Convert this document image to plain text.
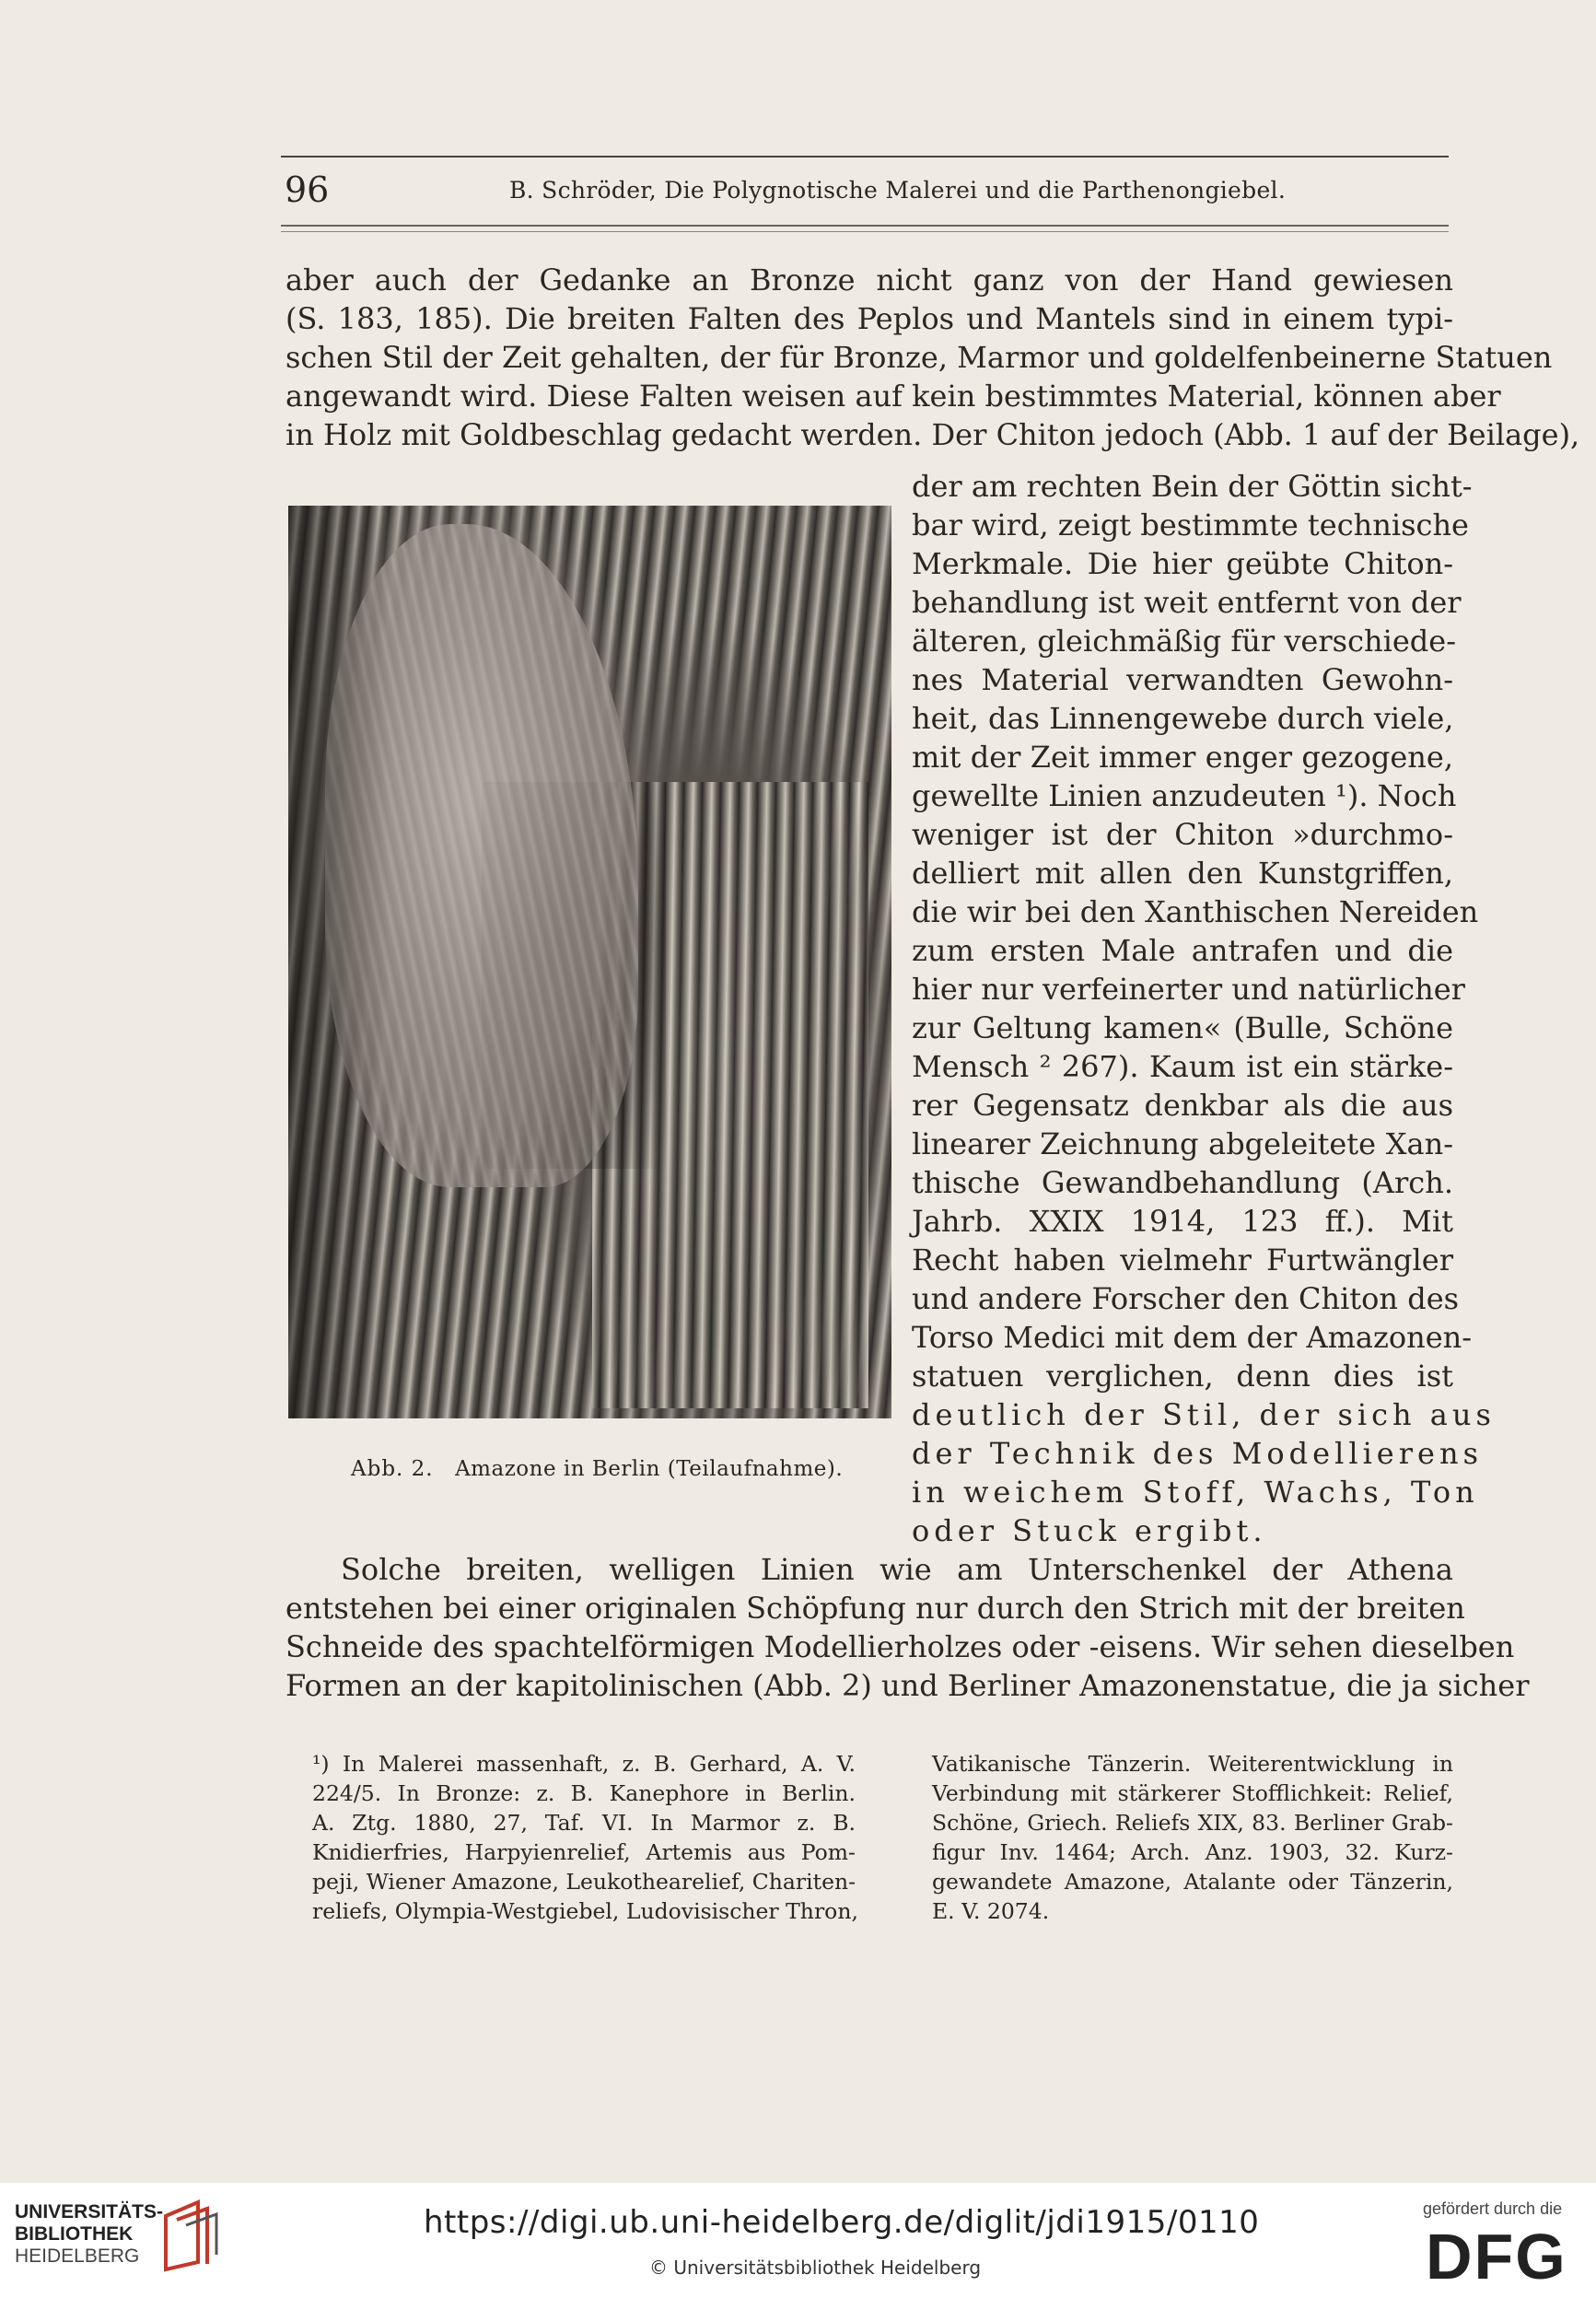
96	B. Schröder, Die Polygnotische Malerei und die Parthenongiebel.
aber auch der Gedanke an Bronze nicht ganz von der Hand gewiesen
(S. 183, 185). Die breiten Falten des Peplos und Mantels sind in einem typi-
schen Stil der Zeit gehalten, der für Bronze, Marmor und goldelfenbeinerne Statuen
angewandt wird. Diese Falten weisen auf kein bestimmtes Material, können aber
in Holz mit Goldbeschlag gedacht werden. Der Chiton jedoch (Abb. 1 auf der Beilage),
Abb. 2. Amazone in Berlin (Teilaufnahme).
der am rechten Bein der Göttin sicht-
bar wird, zeigt bestimmte technische
Merkmale. Die hier geübte Chiton-
behandlung ist weit entfernt von der
älteren, gleichmäßig für verschiede-
nes Material verwandten Gewohn-
heit, das Linnengewebe durch viele,
mit der Zeit immer enger gezogene,
gewellte Linien anzudeuten ¹). Noch
weniger ist der Chiton »durchmo-
delliert mit allen den Kunstgriffen,
die wir bei den Xanthischen Nereiden
zum ersten Male antrafen und die
hier nur verfeinerter und natürlicher
zur Geltung kamen« (Bulle, Schöne
Mensch ² 267). Kaum ist ein stärke-
rer Gegensatz denkbar als die aus
linearer Zeichnung abgeleitete Xan-
thische Gewandbehandlung (Arch.
Jahrb. XXIX 1914, 123 ff.). Mit
Recht haben vielmehr Furtwängler
und andere Forscher den Chiton des
Torso Medici mit dem der Amazonen-
statuen verglichen, denn dies ist
deutlich der Stil, der sich aus
der Technik des Modellierens
in weichem Stoff, Wachs, Ton
oder Stuck ergibt.
Solche breiten, welligen Linien wie am Unterschenkel der Athena
entstehen bei einer originalen Schöpfung nur durch den Strich mit der breiten
Schneide des spachtelförmigen Modellierholzes oder -eisens. Wir sehen dieselben
Formen an der kapitolinischen (Abb. 2) und Berliner Amazonenstatue, die ja sicher
¹) In Malerei massenhaft, z. B. Gerhard, A. V.
224/5. In Bronze: z. B. Kanephore in Berlin.
A. Ztg. 1880, 27, Taf. VI. In Marmor z. B.
Knidierfries, Harpyienrelief, Artemis aus Pom-
peji, Wiener Amazone, Leukothearelief, Chariten-
reliefs, Olympia-Westgiebel, Ludovisischer Thron,
Vatikanische Tänzerin. Weiterentwicklung in
Verbindung mit stärkerer Stofflichkeit: Relief,
Schöne, Griech. Reliefs XIX, 83. Berliner Grab-
figur Inv. 1464; Arch. Anz. 1903, 32. Kurz-
gewandete Amazone, Atalante oder Tänzerin,
E. V. 2074.
UNIVERSITÄTS-
BIBLIOTHEK
HEIDELBERG
https://digi.ub.uni-heidelberg.de/diglit/jdi1915/0110
© Universitätsbibliothek Heidelberg
gefördert durch die
DFG
